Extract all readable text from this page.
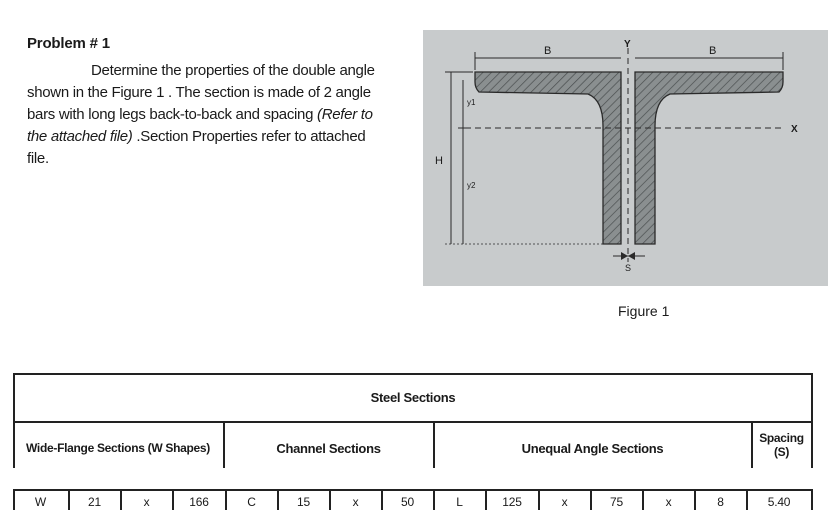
Problem # 1
Determine the properties of the double angle
shown in the Figure 1 . The section is made of 2 angle
bars with long legs back-to-back and spacing (Refer to
the attached file) .Section Properties refer to attached
file.
B	B
Y
X
H
y1
y2
S
Figure 1
Steel Sections
Wide-Flange Sections (W Shapes)	Channel Sections	Unequal Angle Sections
Spacing
(S)
W	21	x	166	C	15	x	50	L	125	x	75	x	8	5.40
